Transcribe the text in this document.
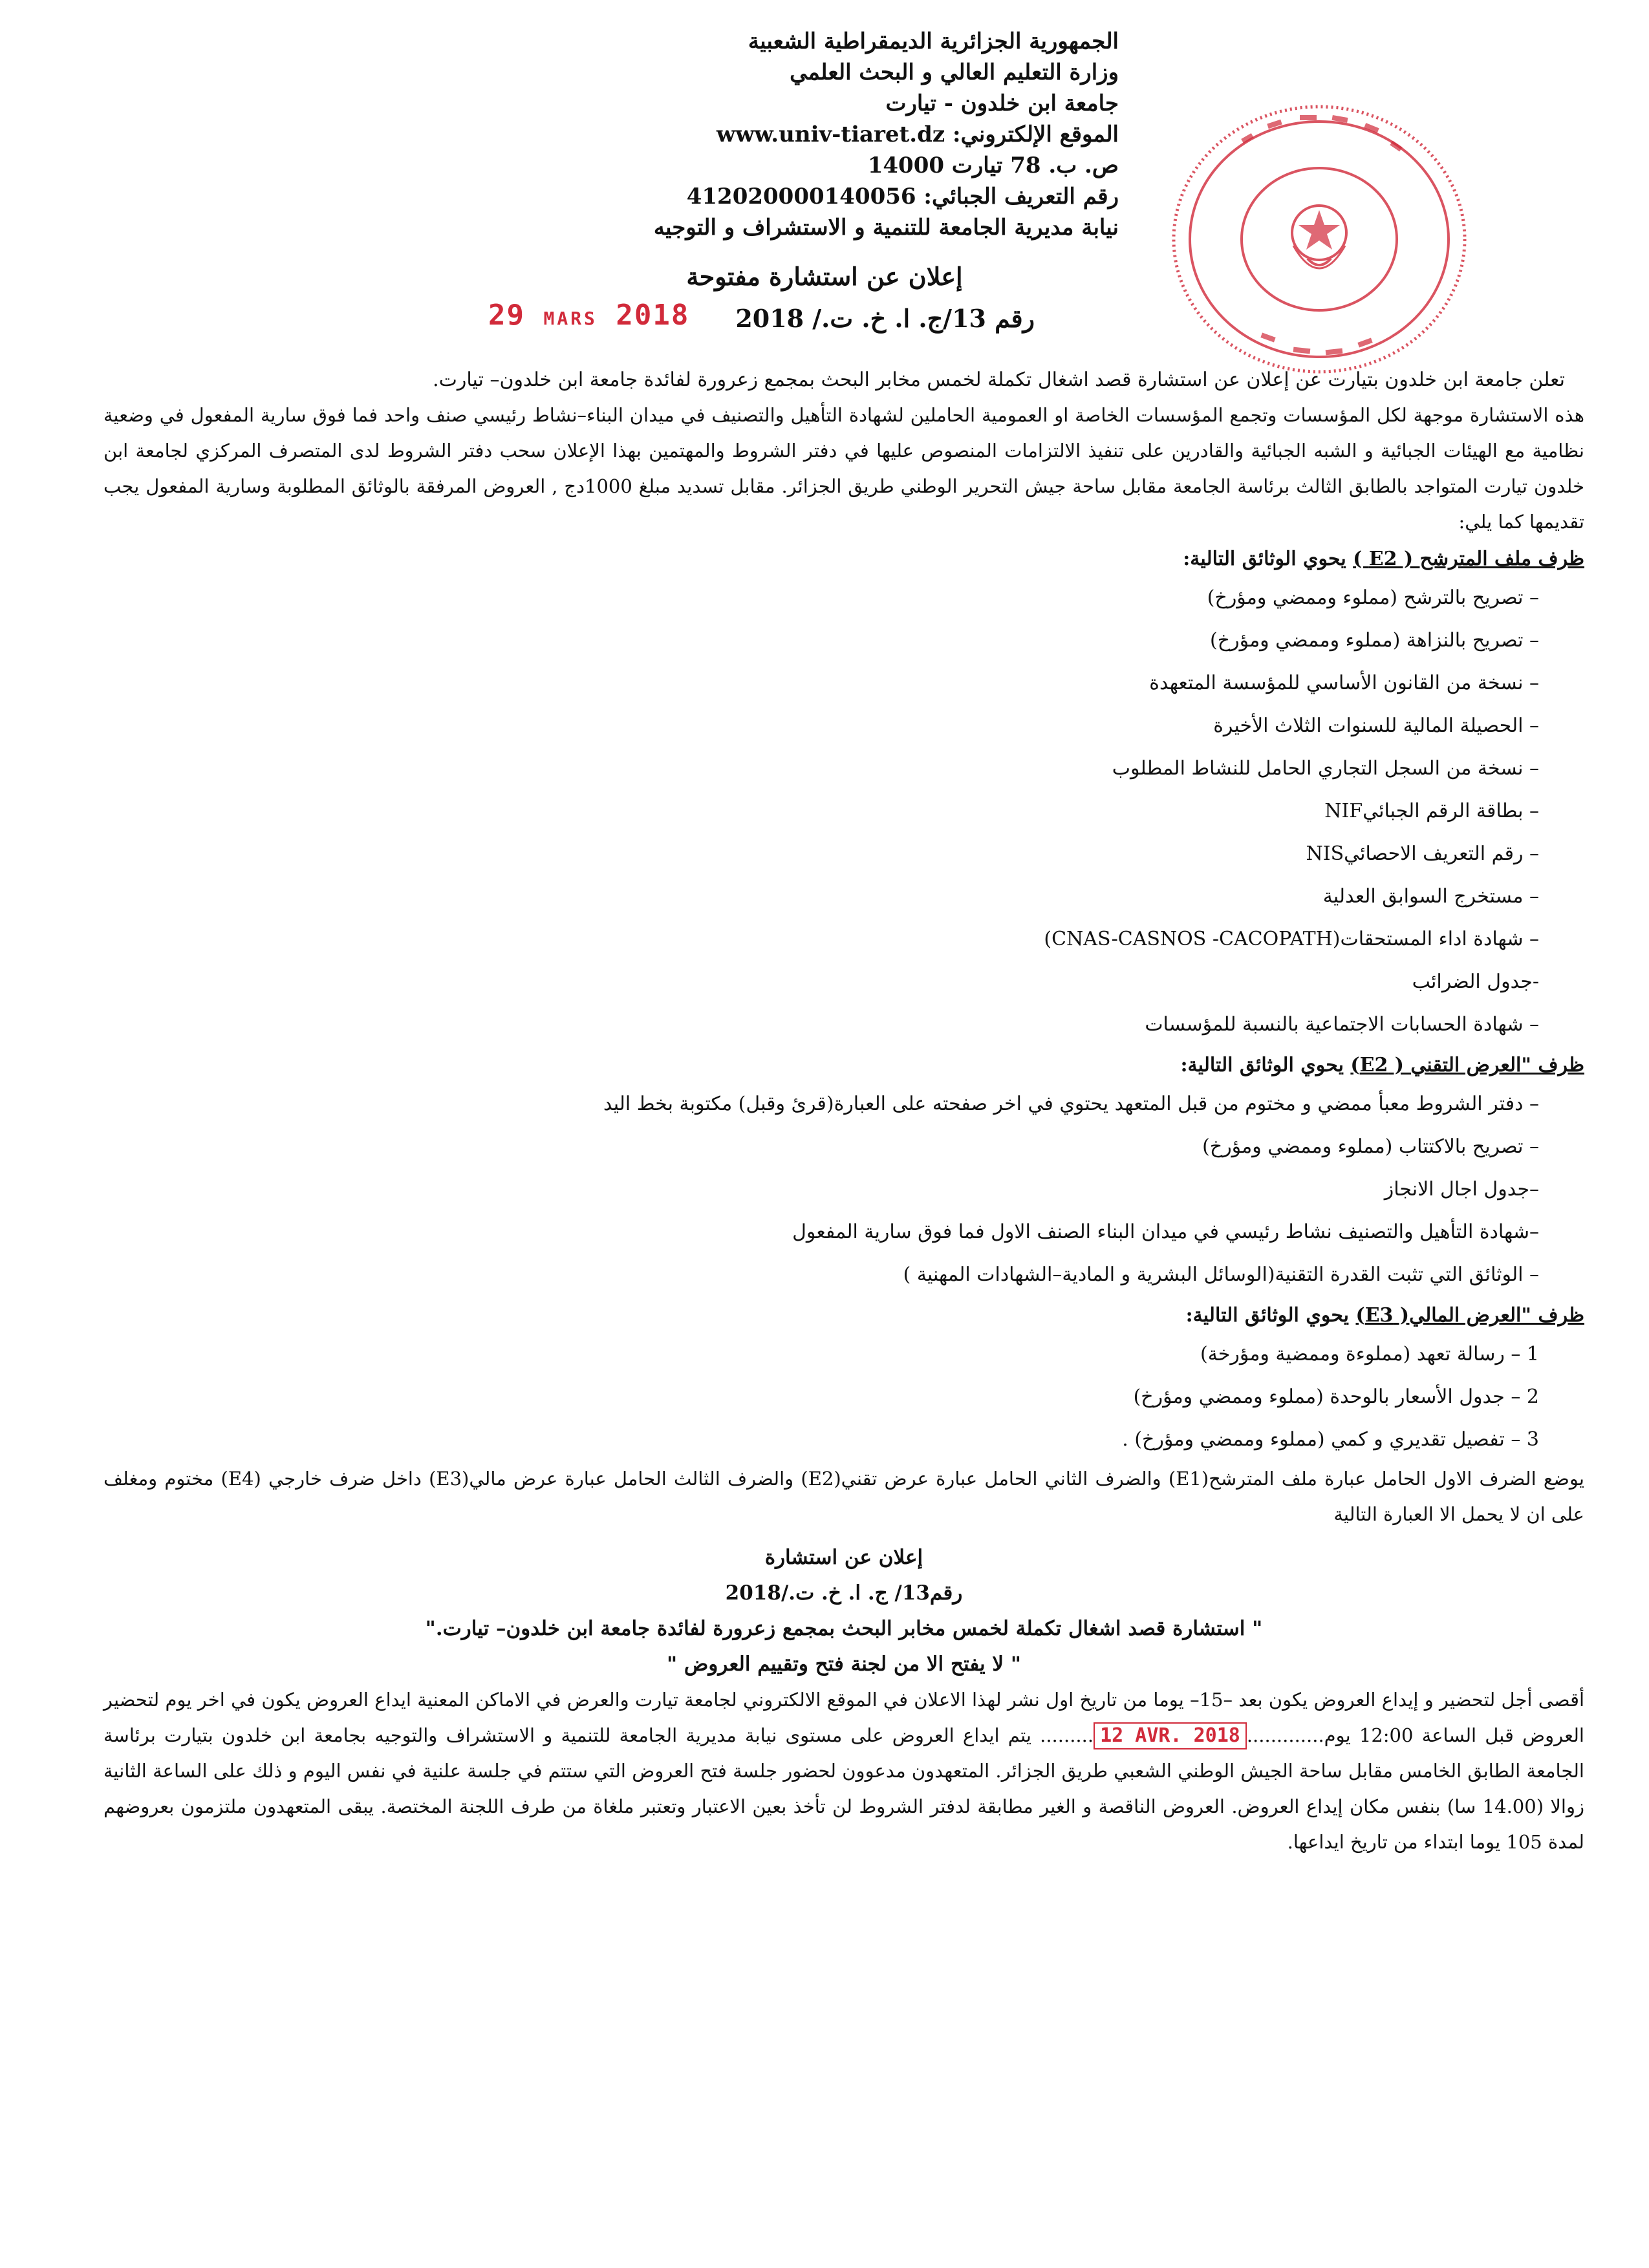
الجمهورية الجزائرية الديمقراطية الشعبية
وزارة التعليم العالي و البحث العلمي
جامعة ابن خلدون - تيارت
الموقع الإلكتروني: www.univ-tiaret.dz
ص. ب. 78 تيارت 14000
رقم التعريف الجبائي: 412020000140056
نيابة مديرية الجامعة للتنمية و الاستشراف و التوجيه
إعلان عن استشارة مفتوحة
رقم 13/ج. ا. خ. ت./ 2018
29 MARS 2018

تعلن جامعة ابن خلدون بتيارت عن إعلان عن استشارة قصد اشغال تكملة لخمس مخابر البحث بمجمع زعرورة لفائدة جامعة ابن خلدون– تيارت.

هذه الاستشارة موجهة لكل المؤسسات وتجمع المؤسسات الخاصة او العمومية الحاملين لشهادة التأهيل والتصنيف في ميدان البناء–نشاط رئيسي صنف واحد فما فوق سارية المفعول في وضعية نظامية مع الهيئات الجبائية و الشبه الجبائية والقادرين على تنفيذ الالتزامات المنصوص عليها في دفتر الشروط والمهتمين بهذا الإعلان سحب دفتر الشروط لدى المتصرف المركزي لجامعة ابن خلدون تيارت المتواجد بالطابق الثالث برئاسة الجامعة مقابل ساحة جيش التحرير الوطني طريق الجزائر. مقابل تسديد مبلغ 1000دج , العروض المرفقة بالوثائق المطلوبة وسارية المفعول يجب تقديمها كما يلي:

ظرف ملف المترشح ( E2 ) يحوي الوثائق التالية:

– تصريح بالترشح (مملوء وممضي ومؤرخ)

– تصريح بالنزاهة (مملوء وممضي ومؤرخ)

– نسخة من القانون الأساسي للمؤسسة المتعهدة

– الحصيلة المالية للسنوات الثلاث الأخيرة

– نسخة من السجل التجاري الحامل للنشاط المطلوب

– بطاقة الرقم الجبائيNIF

– رقم التعريف الاحصائيNIS

– مستخرج السوابق العدلية

– شهادة اداء المستحقات(CNAS-CASNOS -CACOPATH)

-جدول الضرائب

– شهادة الحسابات الاجتماعية بالنسبة للمؤسسات

ظرف "العرض التقني ( E2) يحوي الوثائق التالية:

– دفتر الشروط معبأ ممضي و مختوم من قبل المتعهد يحتوي في اخر صفحته على العبارة(قرئ وقبل) مكتوبة بخط اليد

– تصريح بالاكتتاب (مملوء وممضي ومؤرخ)

–جدول اجال الانجاز

–شهادة التأهيل والتصنيف نشاط رئيسي في ميدان البناء الصنف الاول فما فوق سارية المفعول

– الوثائق التي تثبت القدرة التقنية(الوسائل البشرية و المادية–الشهادات المهنية )

ظرف "العرض المالي( E3) يحوي الوثائق التالية:

1 – رسالة تعهد (مملوءة وممضية ومؤرخة)

2 – جدول الأسعار بالوحدة (مملوء وممضي ومؤرخ)

3 – تفصيل تقديري و كمي (مملوء وممضي ومؤرخ) .

يوضع الضرف الاول الحامل عبارة ملف المترشح(E1) والضرف الثاني الحامل عبارة عرض تقني(E2) والضرف الثالث الحامل عبارة عرض مالي(E3) داخل ضرف خارجي (E4) مختوم ومغلف على ان لا يحمل الا العبارة التالية

إعلان عن استشارة

رقم13/ ج. ا. خ. ت./2018

" استشارة قصد اشغال تكملة لخمس مخابر البحث بمجمع زعرورة لفائدة جامعة ابن خلدون– تيارت."

" لا يفتح الا من لجنة فتح وتقييم العروض "

أقصى أجل لتحضير و إيداع العروض يكون بعد –15– يوما من تاريخ اول نشر لهذا الاعلان في الموقع الالكتروني لجامعة تيارت والعرض في الاماكن المعنية ايداع العروض يكون في اخر يوم لتحضير العروض قبل الساعة 12:00 يوم.............12 AVR. 2018......... يتم ايداع العروض على مستوى نيابة مديرية الجامعة للتنمية و الاستشراف والتوجيه بجامعة ابن خلدون بتيارت برئاسة الجامعة الطابق الخامس مقابل ساحة الجيش الوطني الشعبي طريق الجزائر. المتعهدون مدعوون لحضور جلسة فتح العروض التي ستتم في جلسة علنية في نفس اليوم و ذلك على الساعة الثانية زوالا (14.00 سا) بنفس مكان إيداع العروض. العروض الناقصة و الغير مطابقة لدفتر الشروط لن تأخذ بعين الاعتبار وتعتبر ملغاة من طرف اللجنة المختصة. يبقى المتعهدون ملتزمون بعروضهم لمدة 105 يوما ابتداء من تاريخ ايداعها.
